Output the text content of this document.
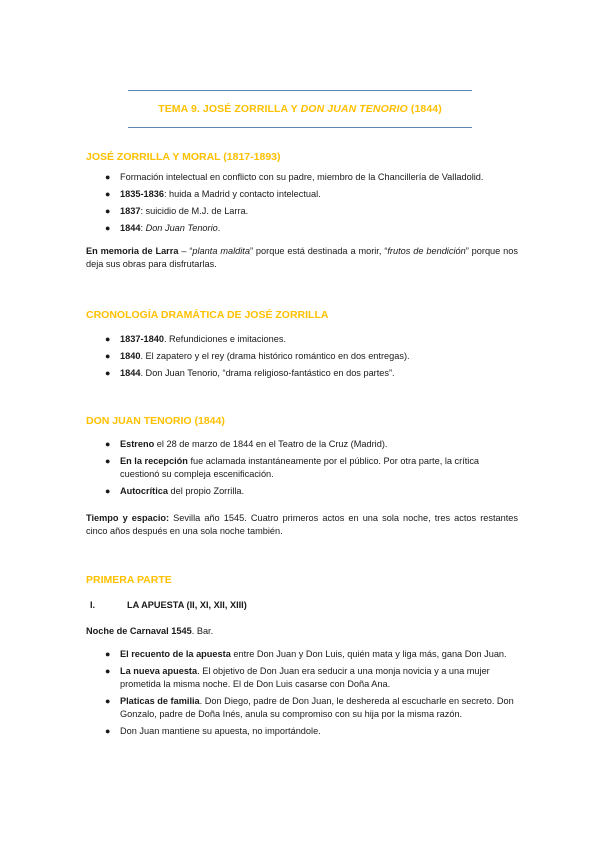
TEMA 9. JOSÉ ZORRILLA Y DON JUAN TENORIO (1844)
JOSÉ ZORRILLA Y MORAL (1817-1893)
● Formación intelectual en conflicto con su padre, miembro de la Chancillería de Valladolid.
● 1835-1836: huida a Madrid y contacto intelectual.
● 1837: suicidio de M.J. de Larra.
● 1844: Don Juan Tenorio.
En memoria de Larra – “planta maldita” porque está destinada a morir, “frutos de bendición” porque nos deja sus obras para disfrutarlas.
CRONOLOGÍA DRAMÁTICA DE JOSÉ ZORRILLA
● 1837-1840. Refundiciones e imitaciones.
● 1840. El zapatero y el rey (drama histórico romántico en dos entregas).
● 1844. Don Juan Tenorio, “drama religioso-fantástico en dos partes”.
DON JUAN TENORIO (1844)
● Estreno el 28 de marzo de 1844 en el Teatro de la Cruz (Madrid).
● En la recepción fue aclamada instantáneamente por el público. Por otra parte, la crítica cuestionó su compleja escenificación.
● Autocrítica del propio Zorrilla.
Tiempo y espacio: Sevilla año 1545. Cuatro primeros actos en una sola noche, tres actos restantes cinco años después en una sola noche también.
PRIMERA PARTE
I.	LA APUESTA (II, XI, XII, XIII)
Noche de Carnaval 1545. Bar.
● El recuento de la apuesta entre Don Juan y Don Luis, quién mata y liga más, gana Don Juan.
● La nueva apuesta. El objetivo de Don Juan era seducir a una monja novicia y a una mujer prometida la misma noche. El de Don Luis casarse con Doña Ana.
● Platicas de familia. Don Diego, padre de Don Juan, le deshereda al escucharle en secreto. Don Gonzalo, padre de Doña Inés, anula su compromiso con su hija por la misma razón.
● Don Juan mantiene su apuesta, no importándole.
